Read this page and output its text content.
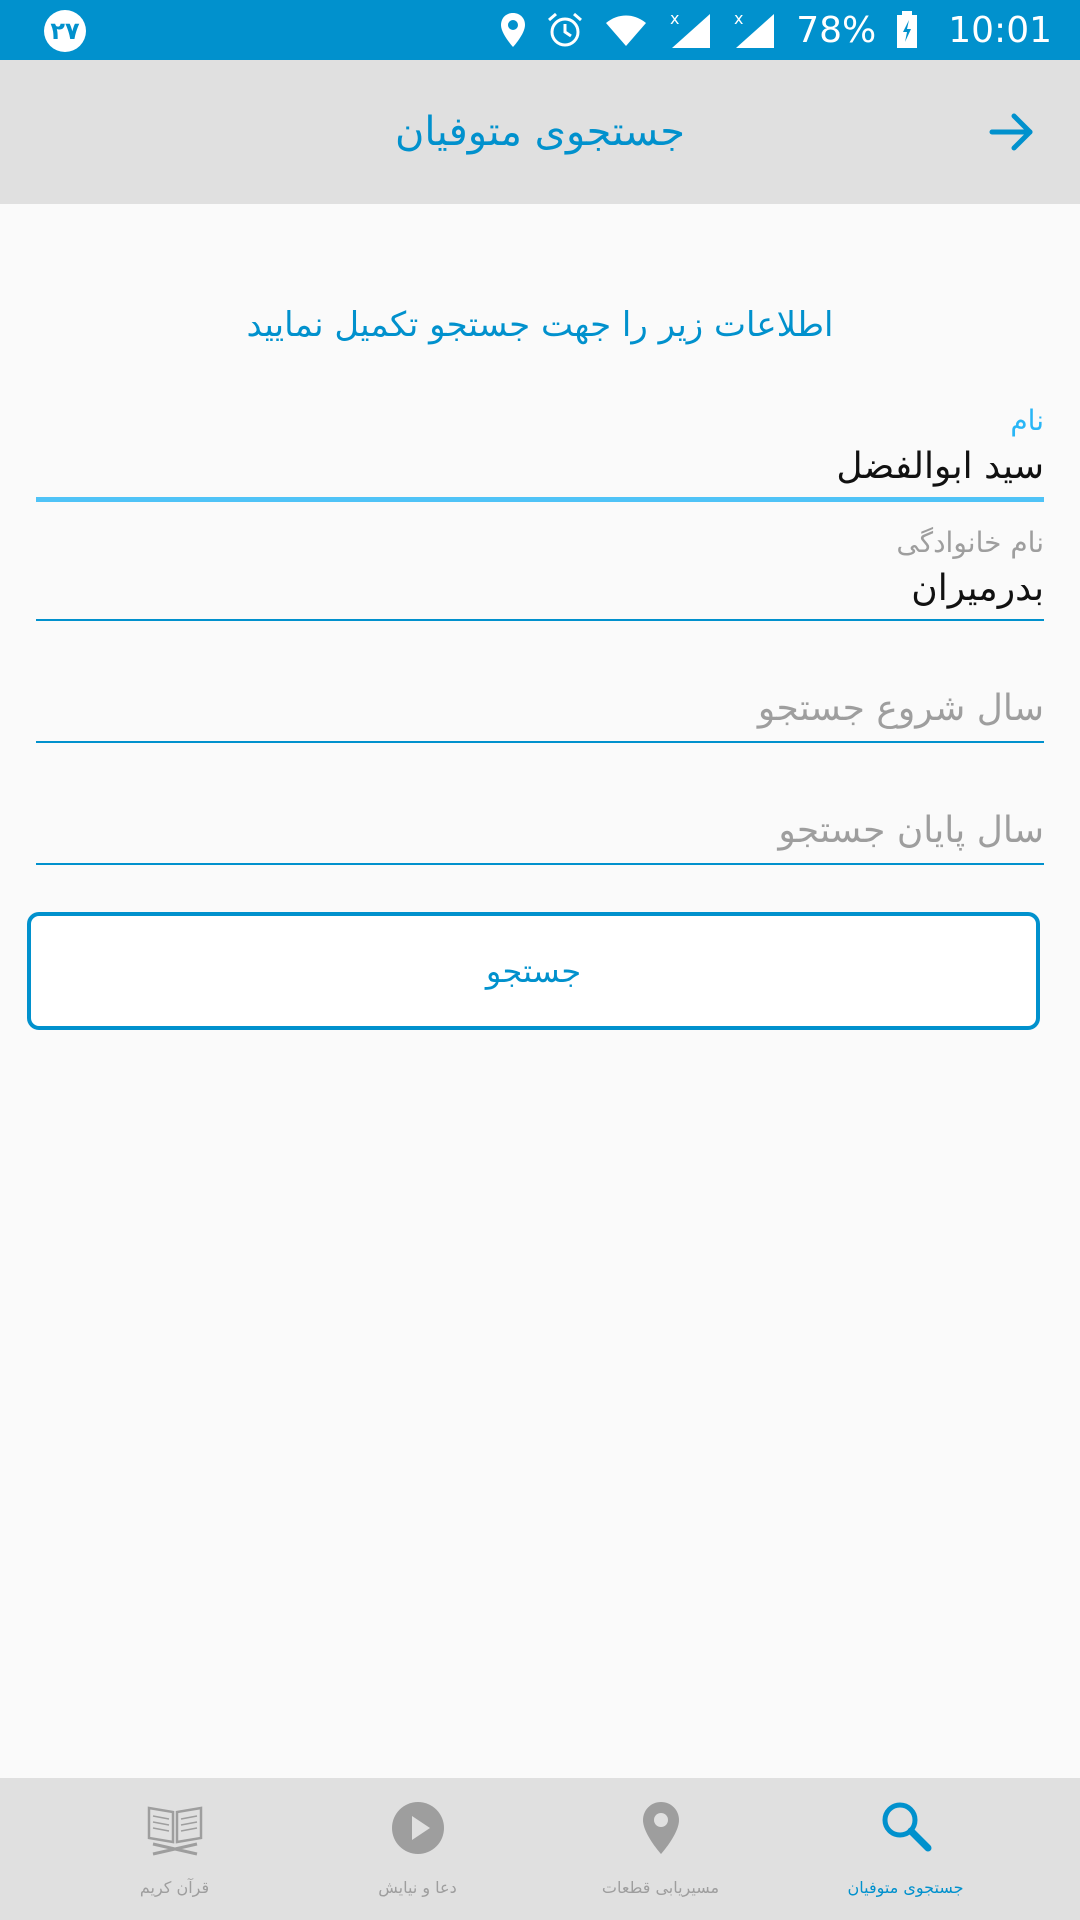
۲۷	x	x 78% 10:01
جستجوی متوفیان
اطلاعات زیر را جهت جستجو تکمیل نمایید
نام
سید ابوالفضل
نام خانوادگی
بدرمیران
سال شروع جستجو
سال پایان جستجو
جستجو
جستجوی متوفیان
مسیریابی قطعات
دعا و نیایش
قرآن کریم
